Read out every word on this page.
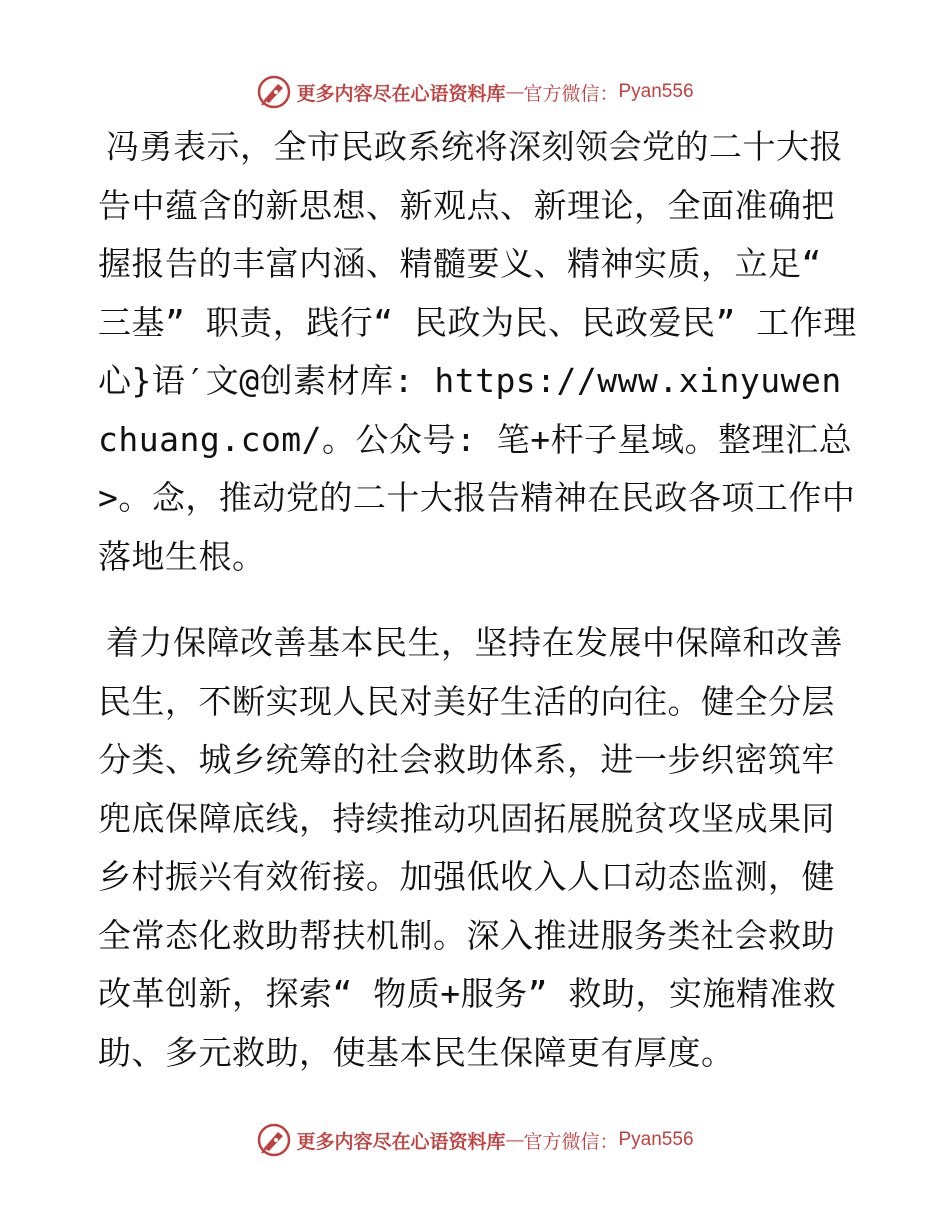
更多内容尽在心语资料库 — 官方微信： Pyan556

冯勇表示，全市民政系统将深刻领会党的二十大报告中蕴含的新思想、新观点、新理论，全面准确把握报告的丰富内涵、精髓要义、精神实质，立足“ 三基” 职责，践行“ 民政为民、民政爱民” 工作理心}语′文@创素材库: https://www.xinyuwenchuang.com/。公众号: 笔+杆子星域。整理汇总>。念，推动党的二十大报告精神在民政各项工作中落地生根。

着力保障改善基本民生，坚持在发展中保障和改善民生，不断实现人民对美好生活的向往。健全分层分类、城乡统筹的社会救助体系，进一步织密筑牢兜底保障底线，持续推动巩固拓展脱贫攻坚成果同乡村振兴有效衔接。加强低收入人口动态监测，健全常态化救助帮扶机制。深入推进服务类社会救助改革创新，探索“ 物质+服务” 救助，实施精准救助、多元救助，使基本民生保障更有厚度。

更多内容尽在心语资料库 — 官方微信： Pyan556
